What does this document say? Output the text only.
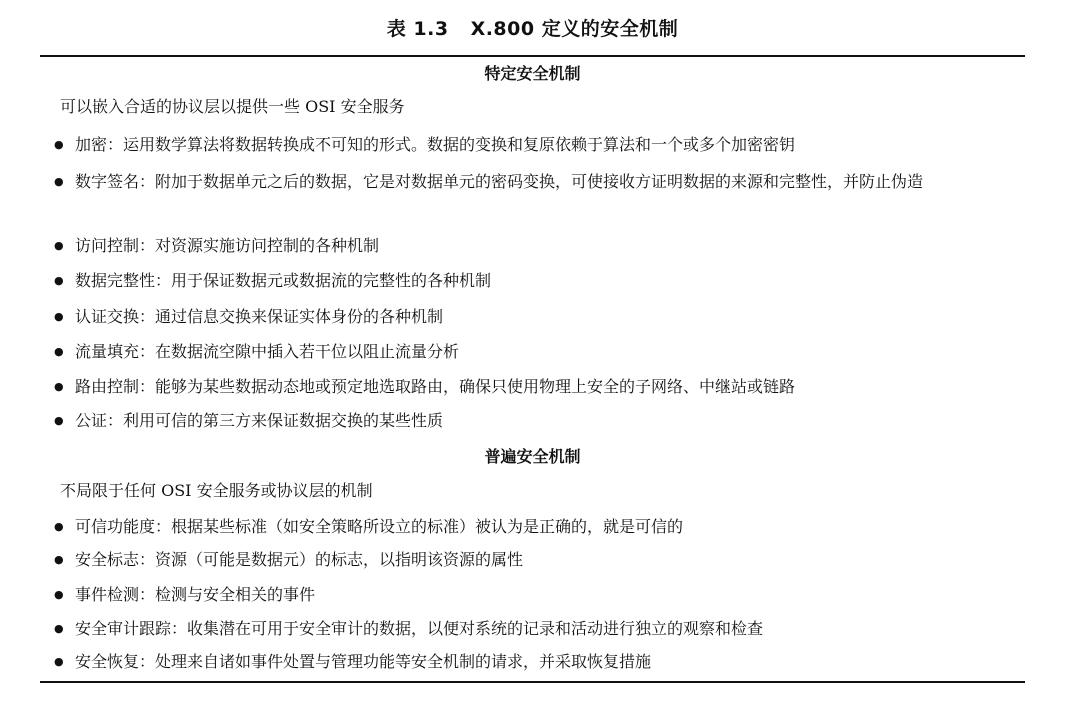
表 1.3 X.800 定义的安全机制
特定安全机制
可以嵌入合适的协议层以提供一些 OSI 安全服务
● 加密：运用数学算法将数据转换成不可知的形式。数据的变换和复原依赖于算法和一个或多个加密密钥
● 数字签名：附加于数据单元之后的数据，它是对数据单元的密码变换，可使接收方证明数据的来源和完整性，并防止伪造
● 访问控制：对资源实施访问控制的各种机制
● 数据完整性：用于保证数据元或数据流的完整性的各种机制
● 认证交换：通过信息交换来保证实体身份的各种机制
● 流量填充：在数据流空隙中插入若干位以阻止流量分析
● 路由控制：能够为某些数据动态地或预定地选取路由，确保只使用物理上安全的子网络、中继站或链路
● 公证：利用可信的第三方来保证数据交换的某些性质
普遍安全机制
不局限于任何 OSI 安全服务或协议层的机制
● 可信功能度：根据某些标准（如安全策略所设立的标准）被认为是正确的，就是可信的
● 安全标志：资源（可能是数据元）的标志，以指明该资源的属性
● 事件检测：检测与安全相关的事件
● 安全审计跟踪：收集潜在可用于安全审计的数据，以便对系统的记录和活动进行独立的观察和检查
● 安全恢复：处理来自诸如事件处置与管理功能等安全机制的请求，并采取恢复措施
